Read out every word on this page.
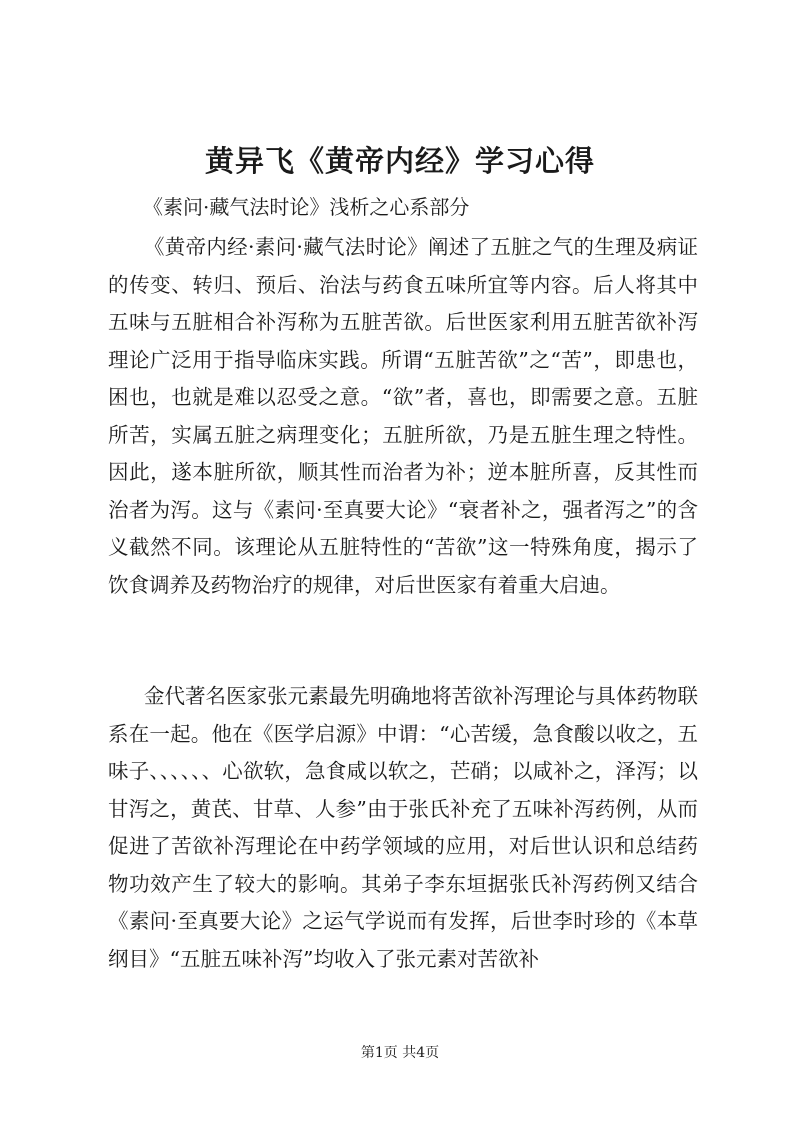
黄异飞《黄帝内经》学习心得
《素问·藏气法时论》浅析之心系部分
《黄帝内经·素问·藏气法时论》阐述了五脏之气的生理及病证的传变、转归、预后、治法与药食五味所宜等内容。后人将其中五味与五脏相合补泻称为五脏苦欲。后世医家利用五脏苦欲补泻理论广泛用于指导临床实践。所谓“五脏苦欲”之“苦”，即患也，困也，也就是难以忍受之意。“欲”者，喜也，即需要之意。五脏所苦，实属五脏之病理变化；五脏所欲，乃是五脏生理之特性。因此，遂本脏所欲，顺其性而治者为补；逆本脏所喜，反其性而治者为泻。这与《素问·至真要大论》“衰者补之，强者泻之”的含义截然不同。该理论从五脏特性的“苦欲”这一特殊角度，揭示了饮食调养及药物治疗的规律，对后世医家有着重大启迪。
金代著名医家张元素最先明确地将苦欲补泻理论与具体药物联系在一起。他在《医学启源》中谓：“心苦缓，急食酸以收之，五味子、、、、、、心欲软，急食咸以软之，芒硝；以咸补之，泽泻；以甘泻之，黄芪、甘草、人参”由于张氏补充了五味补泻药例，从而促进了苦欲补泻理论在中药学领域的应用，对后世认识和总结药物功效产生了较大的影响。其弟子李东垣据张氏补泻药例又结合《素问·至真要大论》之运气学说而有发挥，后世李时珍的《本草纲目》“五脏五味补泻”均收入了张元素对苦欲补
第1页 共4页
